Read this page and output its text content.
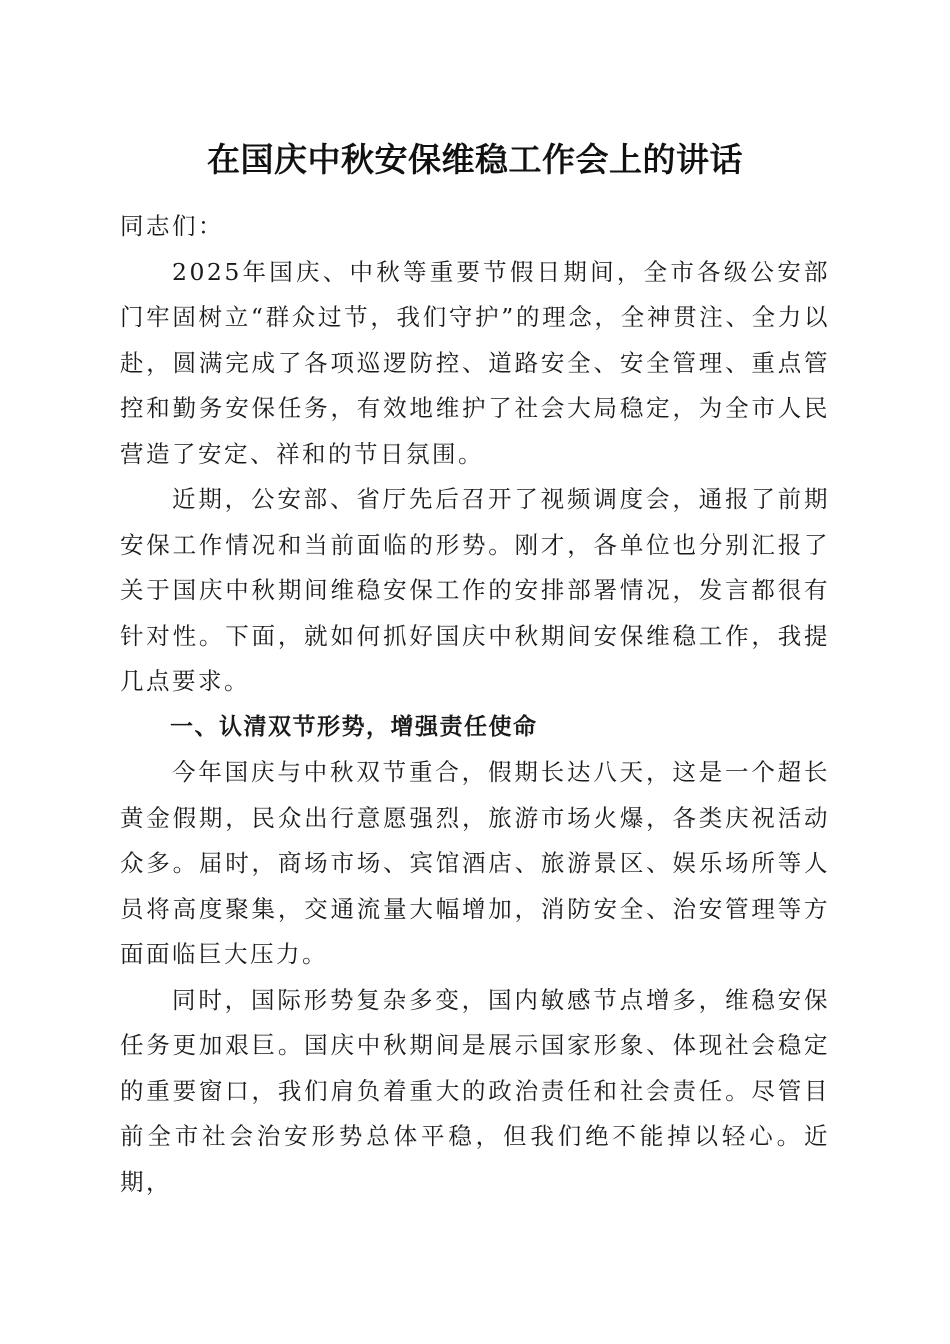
在国庆中秋安保维稳工作会上的讲话

同志们：

2025年国庆、中秋等重要节假日期间，全市各级公安部门牢固树立“群众过节，我们守护”的理念，全神贯注、全力以赴，圆满完成了各项巡逻防控、道路安全、安全管理、重点管控和勤务安保任务，有效地维护了社会大局稳定，为全市人民营造了安定、祥和的节日氛围。

近期，公安部、省厅先后召开了视频调度会，通报了前期安保工作情况和当前面临的形势。刚才，各单位也分别汇报了关于国庆中秋期间维稳安保工作的安排部署情况，发言都很有针对性。下面，就如何抓好国庆中秋期间安保维稳工作，我提几点要求。

一、认清双节形势，增强责任使命

今年国庆与中秋双节重合，假期长达八天，这是一个超长黄金假期，民众出行意愿强烈，旅游市场火爆，各类庆祝活动众多。届时，商场市场、宾馆酒店、旅游景区、娱乐场所等人员将高度聚集，交通流量大幅增加，消防安全、治安管理等方面面临巨大压力。

同时，国际形势复杂多变，国内敏感节点增多，维稳安保任务更加艰巨。国庆中秋期间是展示国家形象、体现社会稳定的重要窗口，我们肩负着重大的政治责任和社会责任。尽管目前全市社会治安形势总体平稳，但我们绝不能掉以轻心。近期，
